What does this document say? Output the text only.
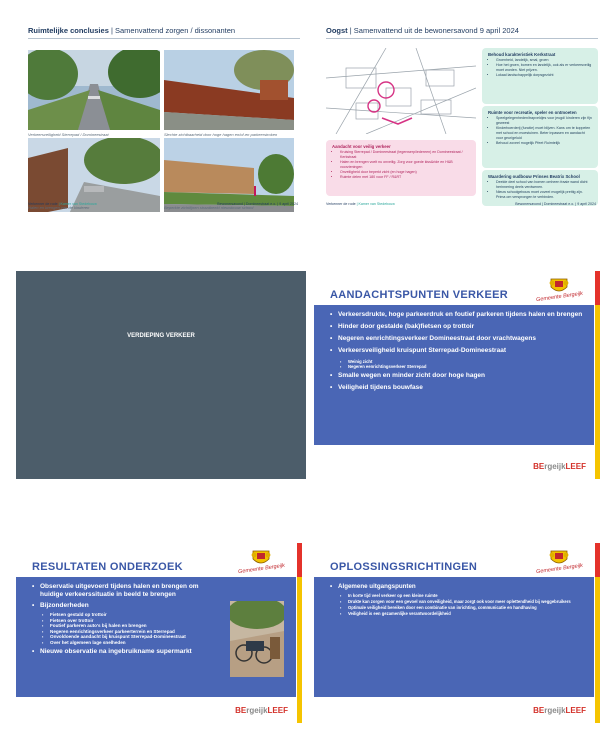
Ruimtelijke conclusies | Samenvattend zorgen / dissonanten
Verkeersveiligheid Sterrepad / Domineestraat	Slechte zichtbaarheid door hoge hagen en/of-en parkeerstroken
Halen en brengen van de kinderen	Beperkte zichtlijnen straatbeeld nieuwbouw school
Verkenner de rode | Kamer van Stedebouw	Bewonersavond | Domineestraat e.o. | 9 april 2024
Oogst | Samenvattend uit de bewonersavond 9 april 2024
Behoud karakteristiek Kerkstraat
• Groenheid, landelijk, smal, groen
• Hoe het groen, bomen en landelijk, ook als er verkeersveilig moet worden. Niet prijzen.
• Lokaal landschappelijk dorpsgezicht
Ruimte voor recreatie, speler en ontmoeten
• Speelgelegenheden/trapveldjes voor jeugd/ kinderen zijn fijn geweest
• Kinderboerderij (functie) moet blijven. Kans om te koppelen met school en moestuinen. Beter inpassen en aandacht voor geur/geluid
• Behoud zoveel mogelijk Pfeet Ruimtelijk
Waardering oudbouw Prinses Beatrix School
• Deelde deel school van bomen omheen fraaie wand dicht herinnering deels verdwenen.
• Nieuw schoolgebouw moet zoveel mogelijk prettig zijn. Prima om versprongen te verbinden.
Aandacht voor veilig verkeer
• Kruising Sterrepad / Domineestraat (tegenwerp/iedereen) en Domineestraat / Kerkstraat
• Halen en brengen voelt nu onveilig. Zorg voor goede kiss&ride en H&B voorzieningen
• Onveiligheid door beperkt zicht (en hoge hagen)
• Ruimte delen met 180 voor FF / R&RT
Verkenner de rode | Kamer van Stedebouw	Bewonersavond | Domineestraat e.o. | 9 april 2024
VERDIEPING VERKEER
AANDACHTSPUNTEN VERKEER	Gemeente Bergeijk
• Verkeersdrukte, hoge parkeerdruk en foutief parkeren tijdens halen en brengen
• Hinder door gestalde (bak)fietsen op trottoir
• Negeren eenrichtingsverkeer Domineestraat door vrachtwagens
• Verkeersveiligheid kruispunt Sterrepad-Domineestraat
▪ Weinig zicht
▪ Negeren eenrichtingsverkeer Sterrepad
• Smalle wegen en minder zicht door hoge hagen
• Veiligheid tijdens bouwfase
BErgeijkLEEF
RESULTATEN ONDERZOEK	Gemeente Bergeijk
• Observatie uitgevoerd tijdens halen en brengen om huidige verkeerssituatie in beeld te brengen
• Bijzonderheden
▪ Fietsen gestald op trottoir
▪ Fietsen over trottoir
▪ Foutief parkeren auto's bij halen en brengen
▪ Negeren eenrichtingsverkeer parkeerterrein en Sterrepad
▪ Onvoldoende aandacht bij kruispunt Sterrepad-Domineestraat
▪ Over het algemeen lage snelheden
• Nieuwe observatie na ingebruikname supermarkt
BErgeijkLEEF
OPLOSSINGSRICHTINGEN	Gemeente Bergeijk
• Algemene uitgangspunten
▪ In korte tijd veel verkeer op een kleine ruimte
▪ Drukte kan zorgen voor een gevoel van onveiligheid, maar zorgt ook voor meer oplettendheid bij weggebruikers
▪ Optimale veiligheid bereiken door een combinatie van inrichting, communicatie en handhaving
▪ Veiligheid is een gezamenlijke verantwoordelijkheid
BErgeijkLEEF
